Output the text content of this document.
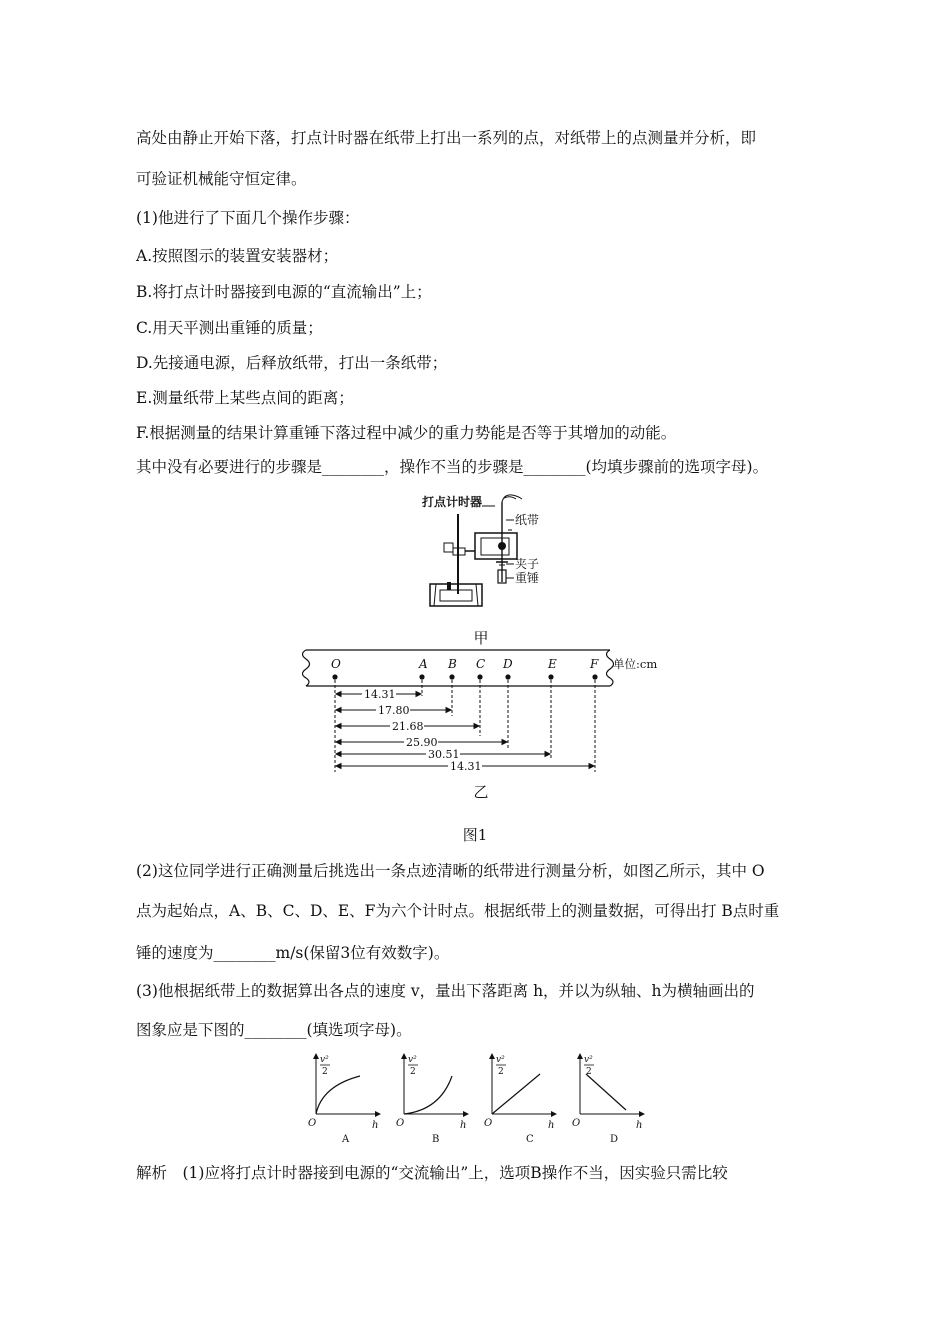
高处由静止开始下落，打点计时器在纸带上打出一系列的点，对纸带上的点测量并分析，即
可验证机械能守恒定律。
(1)他进行了下面几个操作步骤：
A.按照图示的装置安装器材；
B.将打点计时器接到电源的“直流输出”上；
C.用天平测出重锤的质量；
D.先接通电源，后释放纸带，打出一条纸带；
E.测量纸带上某些点间的距离；
F.根据测量的结果计算重锤下落过程中减少的重力势能是否等于其增加的动能。
其中没有必要进行的步骤是________，操作不当的步骤是________(均填步骤前的选项字母)。
打点计时器
纸带
夹子
重锤
甲
单位:cm
O	A B C D	E	F
14.31
17.80
21.68
25.90
30.51
14.31
乙
图1
(2)这位同学进行正确测量后挑选出一条点迹清晰的纸带进行测量分析，如图乙所示，其中 O
点为起始点，A、B、C、D、E、F为六个计时点。根据纸带上的测量数据，可得出打 B点时重
锤的速度为________m/s(保留3位有效数字)。
(3)他根据纸带上的数据算出各点的速度 v，量出下落距离 h，并以为纵轴、h为横轴画出的
图象应是下图的________(填选项字母)。
v²
2
O	h
A
v²
2
O	h
B
v²
2
O	h
C
v²
2
O	h
D
解析　(1)应将打点计时器接到电源的“交流输出”上，选项B操作不当，因实验只需比较
